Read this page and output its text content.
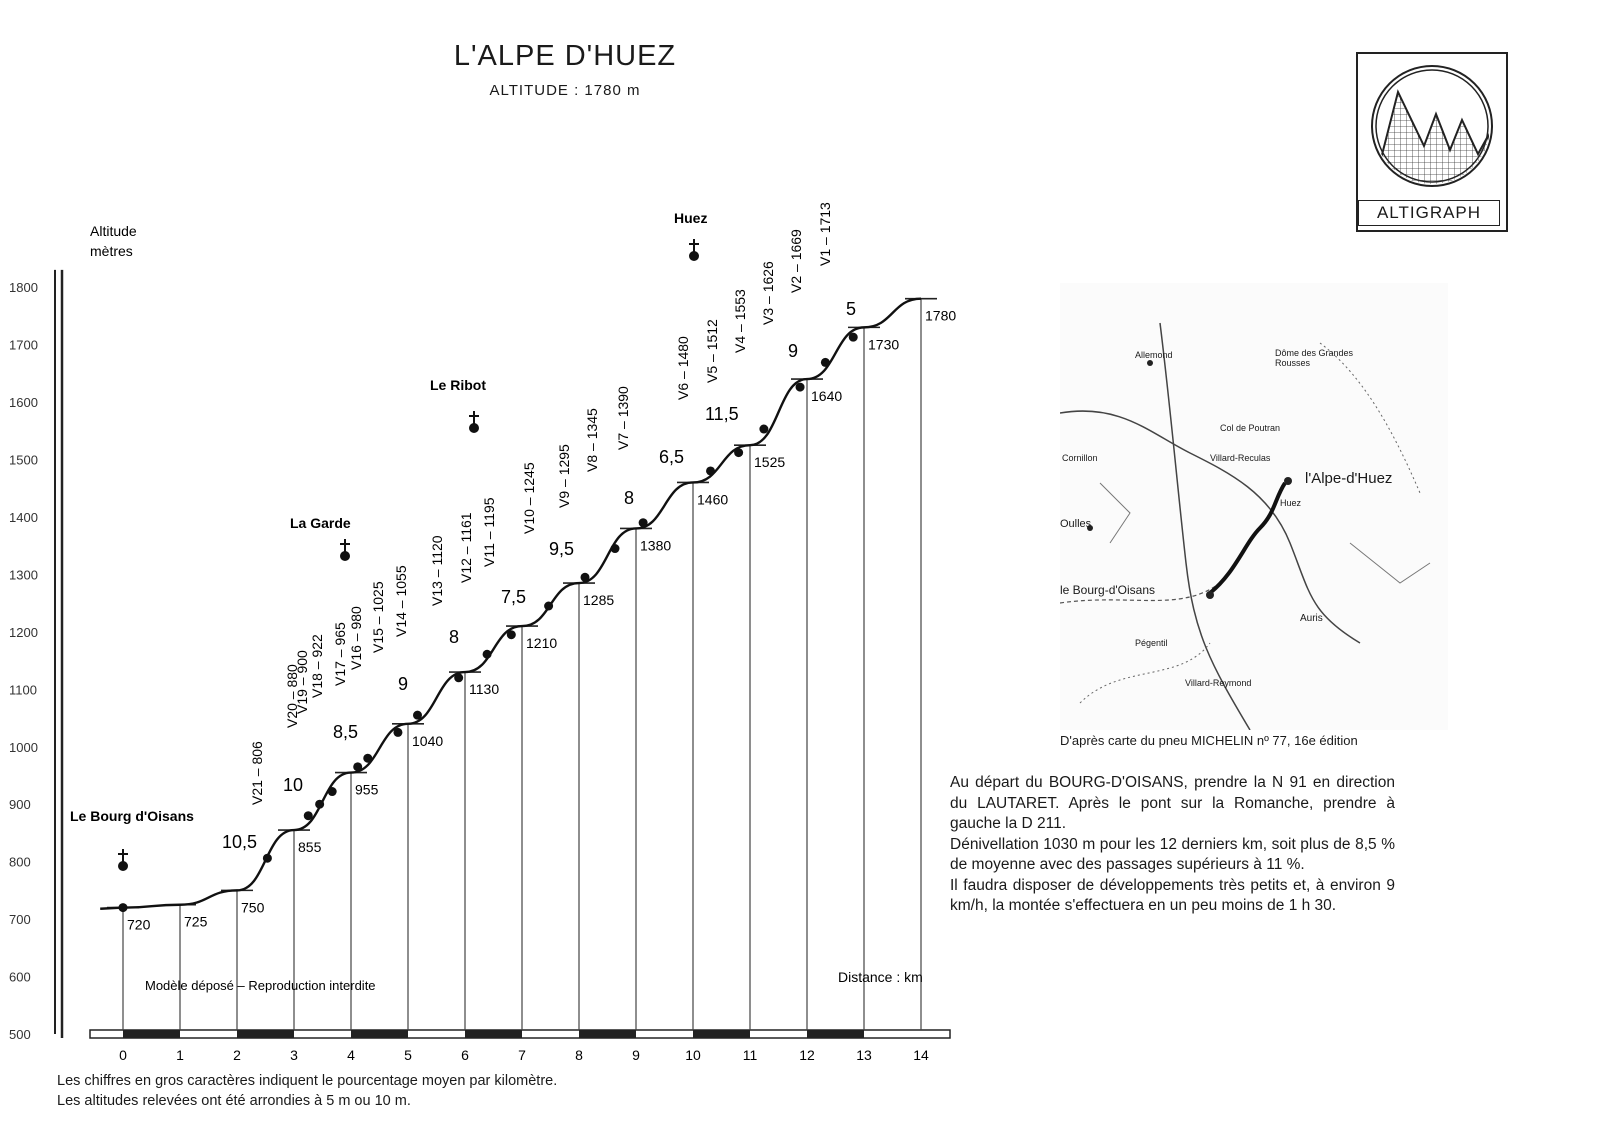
L'ALPE D'HUEZ
ALTITUDE : 1780 m
ALTIGRAPH
Altitude
mètres
500
600
700
800
900
1000
1100
1200
1300
1400
1500
1600
1700
1800
720 725
750
855
955
1040
1130
1210
1285
1380
1460
1525
1640
1730
1780
V21 – 806
V20 – 880
V19 – 900 V18 – 922 V17 – 965 V16 – 980 V15 – 1025 V14 – 1055 V13 – 1120 V12 – 1161 V11 – 1195 V10 – 1245 V9 – 1295
V8 – 1345 V7 – 1390
V6 – 1480 V5 – 1512 V4 – 1553 V3 – 1626
V2 – 1669 V1 – 1713
10,5
10
8,5
9
8
7,5
9,5
8
6,5
11,5
9
5
Le Bourg d'Oisans
La Garde
Le Ribot
Huez
0	1	2	3	4	5	6	7	8	9	10	11	12	13	14
Modèle déposé – Reproduction interdite
Distance : km
Les chiffres en gros caractères indiquent le pourcentage moyen par kilomètre.
Les altitudes relevées ont été arrondies à 5 m ou 10 m.
l'Alpe-d'Huez
le Bourg-d'Oisans
Allemond
Oulles
Cornillon
Auris
Huez
Villard-Reculas
Villard-Reymond
Col de Poutran
Dôme des Grandes Rousses
Pégentil
D'après carte du pneu MICHELIN nº 77, 16e édition

Au départ du BOURG-D'OISANS, prendre la N 91 en direction du LAUTARET. Après le pont sur la Romanche, prendre à gauche la D 211.

Dénivellation 1030 m pour les 12 derniers km, soit plus de 8,5 % de moyenne avec des passages supérieurs à 11 %.

Il faudra disposer de développements très petits et, à environ 9 km/h, la montée s'effectuera en un peu moins de 1 h 30.
